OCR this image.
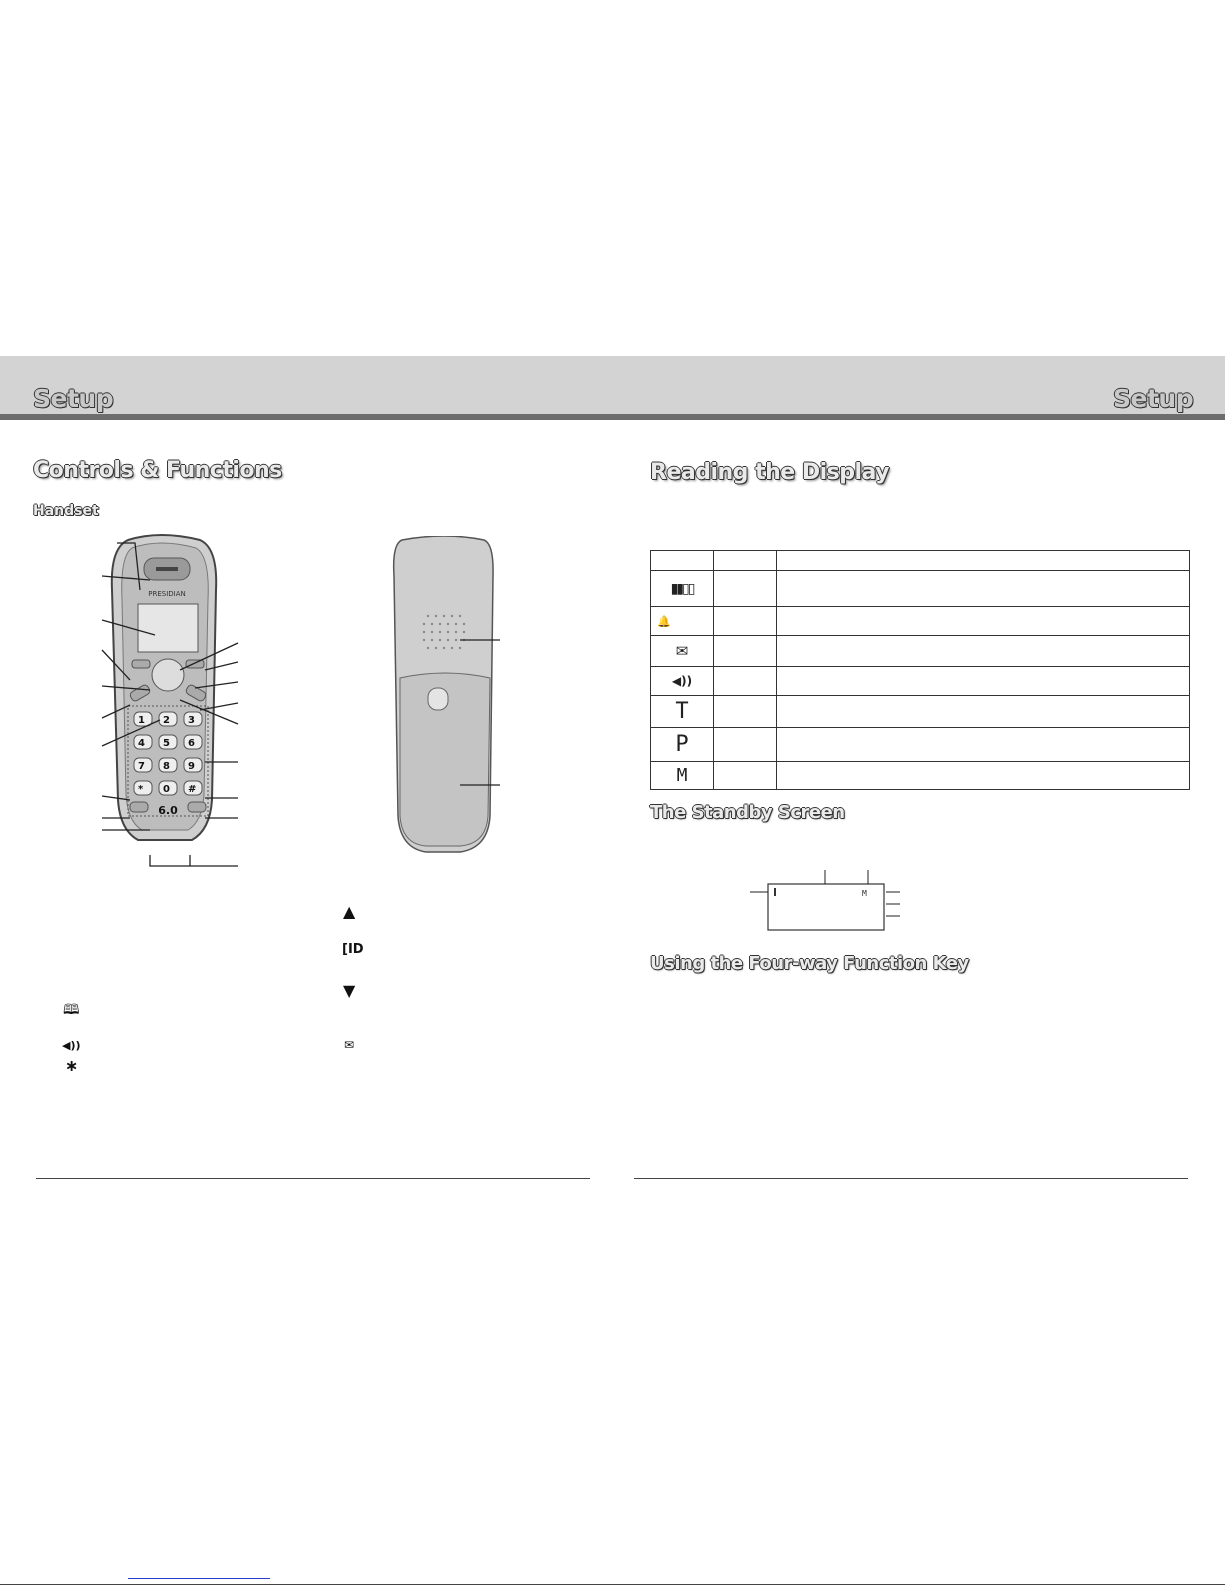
Setup	Setup
Controls & Functions
Handset
PRESIDIAN
1 2 3
4 5 6
7 8 9
* 0 #
6.0
🕮
◀))
∗
▲
[ID
▼
✉
Reading the Display

▮▮▯▯		
🔔		
✉		
◀))		
T		
P		
M		
The Standby Screen
M
Using the Four-way Function Key
